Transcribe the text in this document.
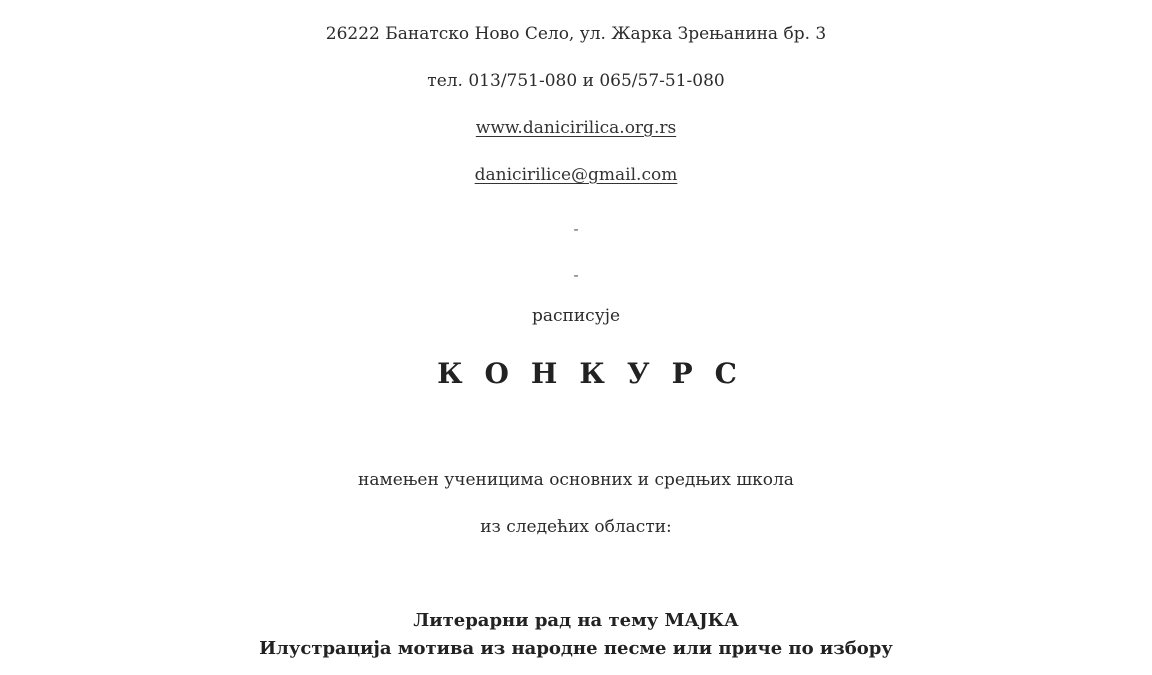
26222 Банатско Новo Село, ул. Жарка Зрењанина бр. 3
тел. 013/751-080 и 065/57-51-080
www.danicirilica.org.rs
danicirilice@gmail.com
-
-
расписује
КОНКУРС
намењен ученицима основних и средњих школа
из следећих области:
Литерарни рад на тему МАЈКА
Илустрација мотива из народне песме или приче по избору
